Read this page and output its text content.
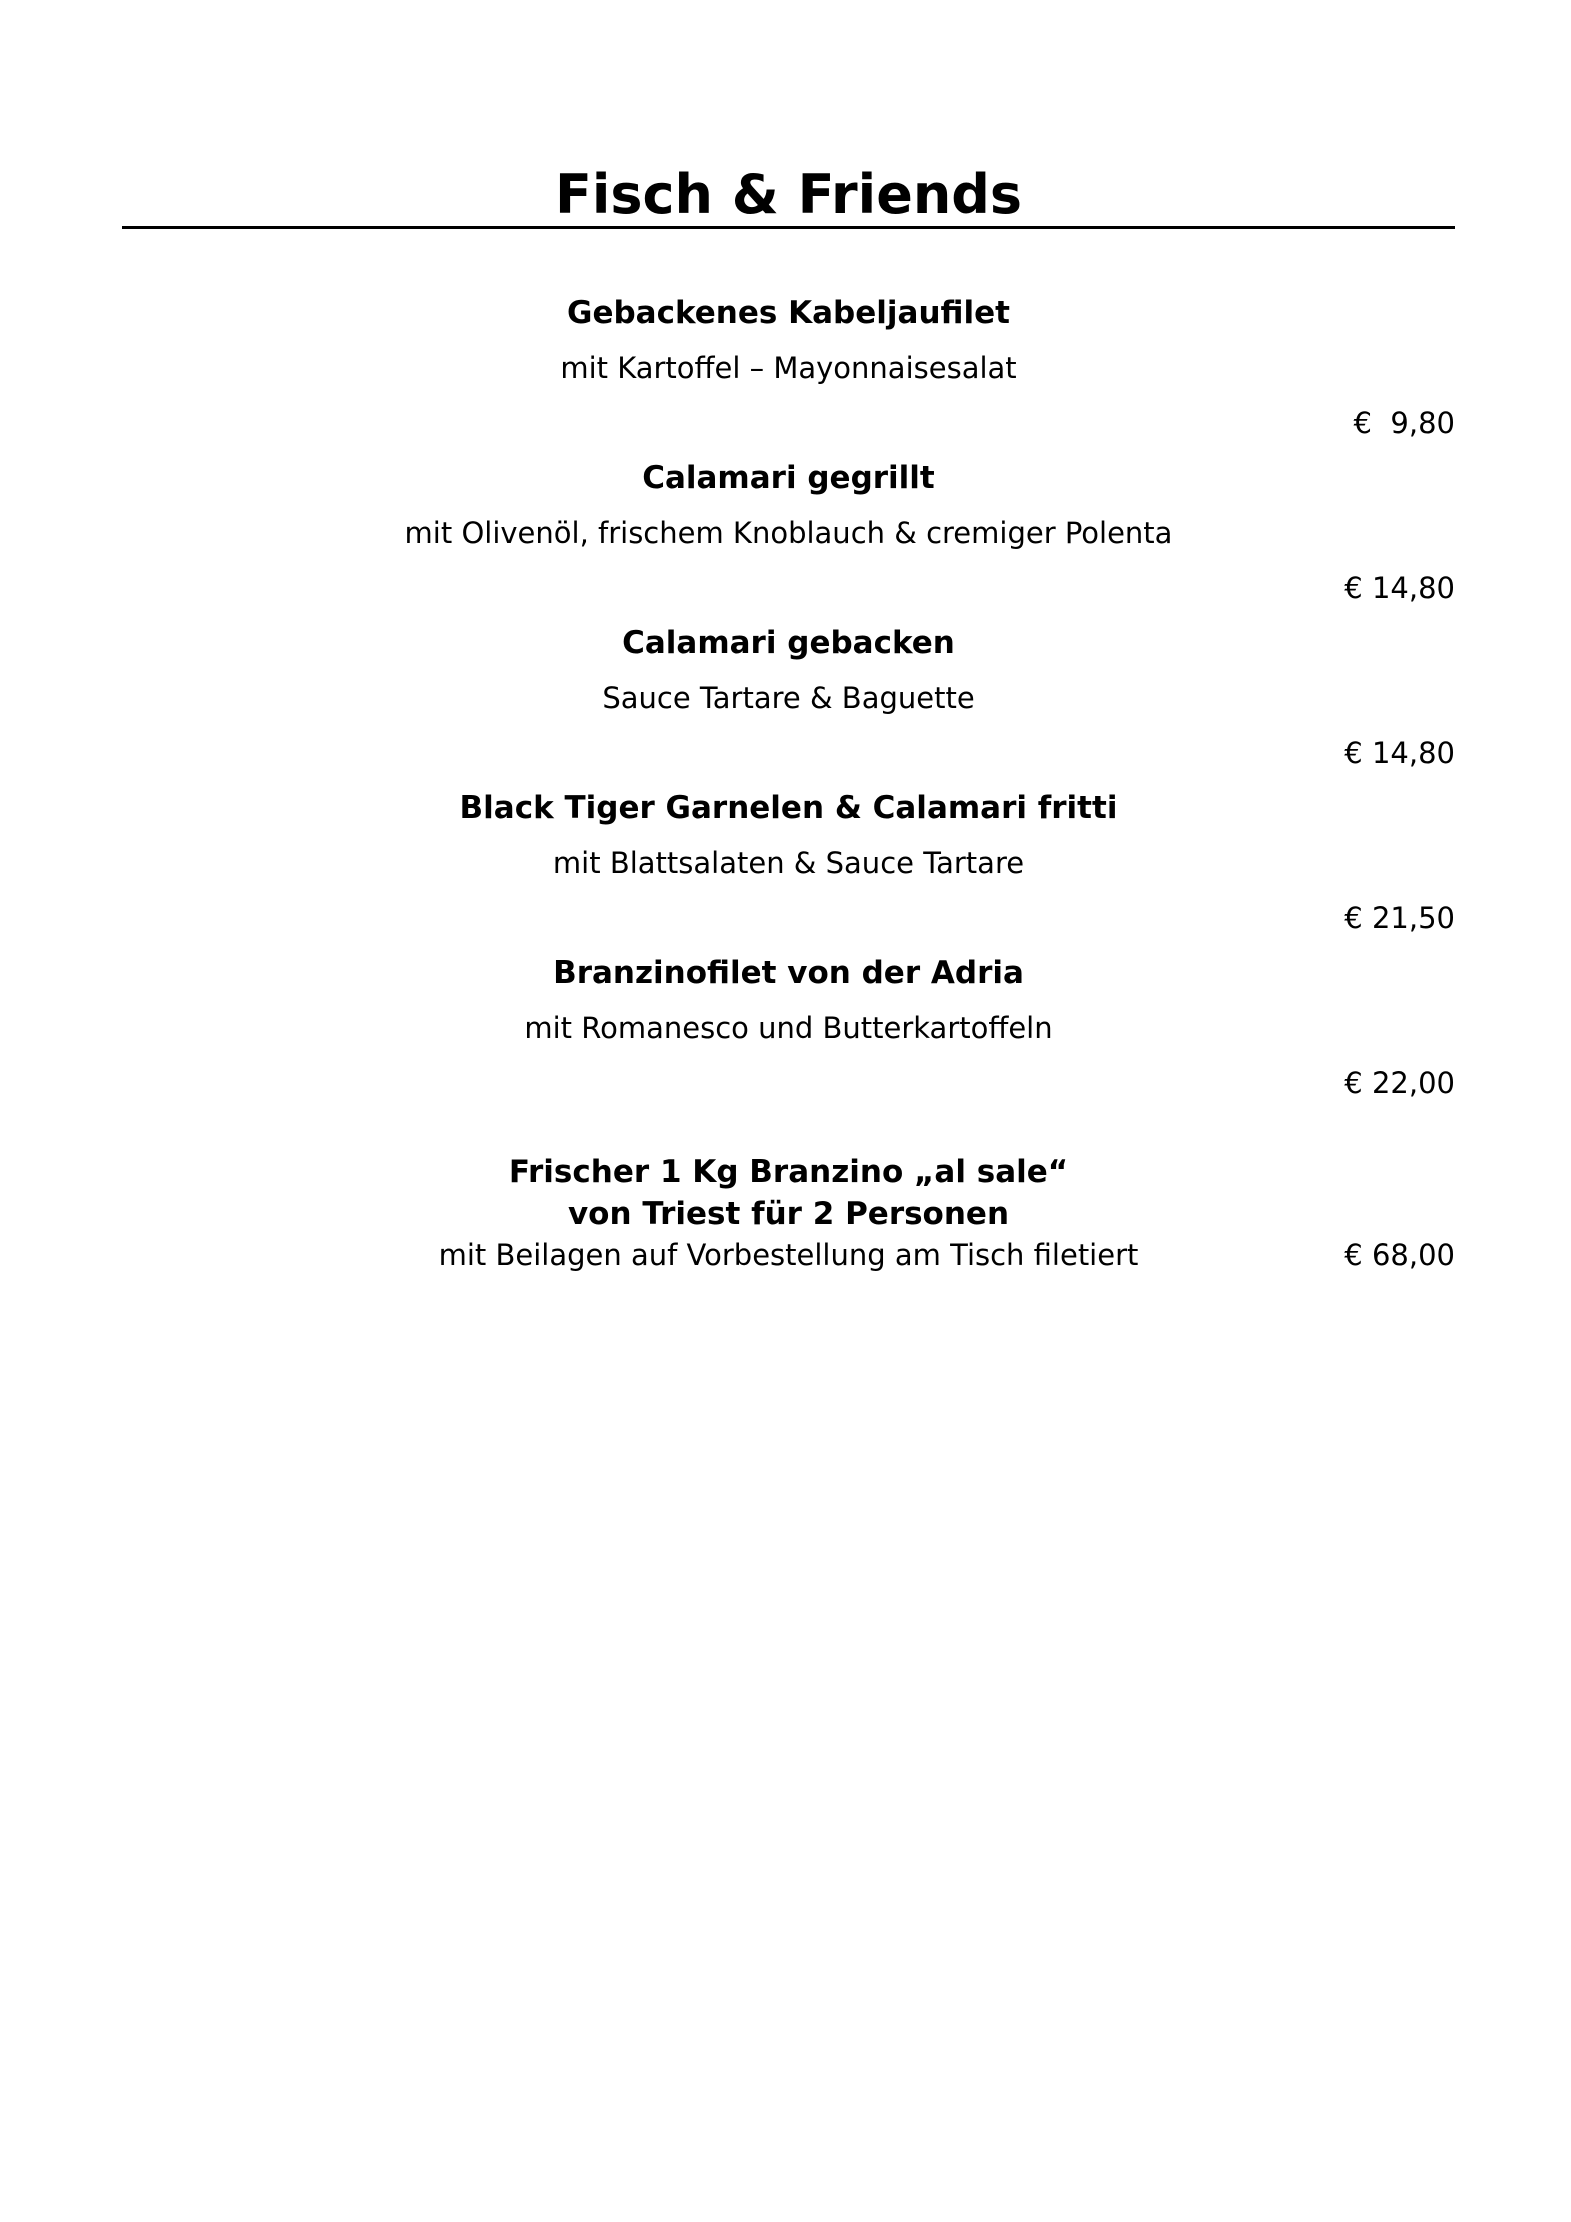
Fisch & Friends
Gebackenes Kabeljaufilet
mit Kartoffel – Mayonnaisesalat
€  9,80
Calamari gegrillt
mit Olivenöl, frischem Knoblauch & cremiger Polenta
€ 14,80
Calamari gebacken
Sauce Tartare & Baguette
€ 14,80
Black Tiger Garnelen & Calamari fritti
mit Blattsalaten & Sauce Tartare
€ 21,50
Branzinofilet von der Adria
mit Romanesco und Butterkartoffeln
€ 22,00
Frischer 1 Kg Branzino „al sale“
von Triest für 2 Personen
mit Beilagen auf Vorbestellung am Tisch filetiert	€ 68,00
